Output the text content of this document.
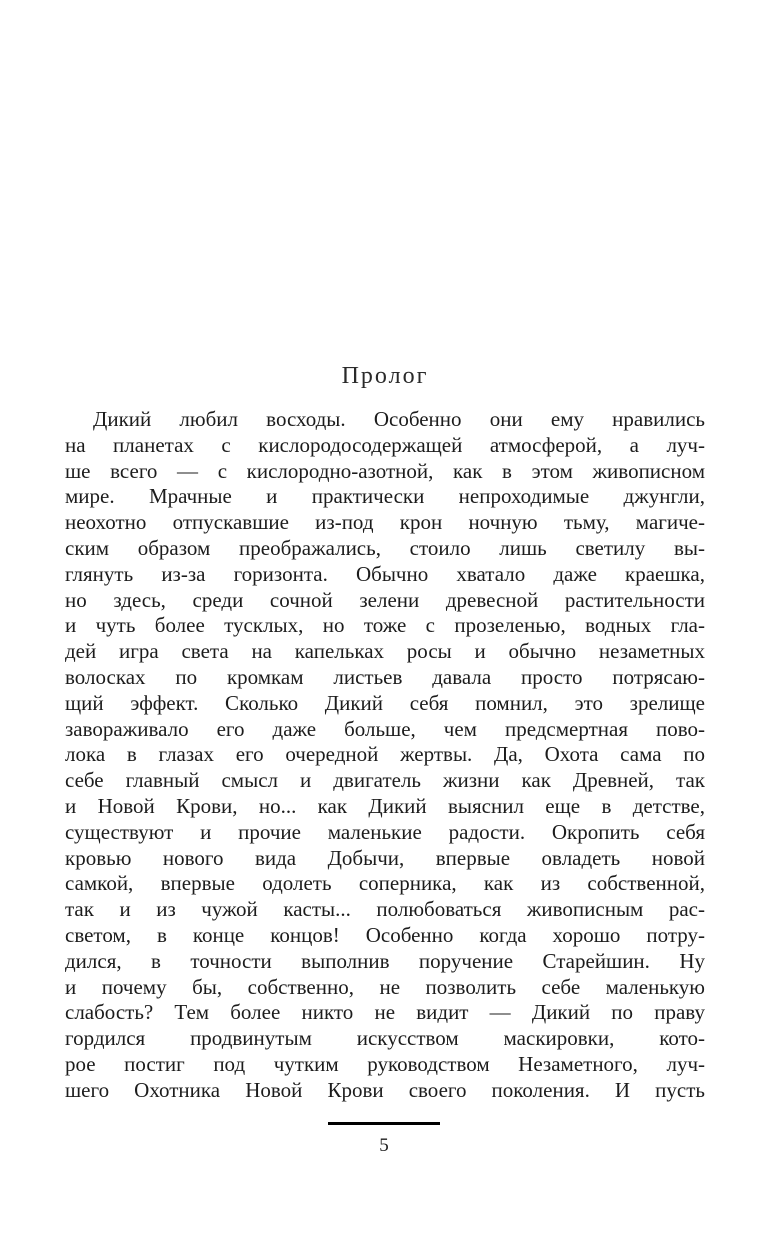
Пролог
Дикий любил восходы. Особенно они ему нравились
на планетах с кислородосодержащей атмосферой, а луч-
ше всего — с кислородно-азотной, как в этом живописном
мире. Мрачные и практически непроходимые джунгли,
неохотно отпускавшие из-под крон ночную тьму, магиче-
ским образом преображались, стоило лишь светилу вы-
глянуть из-за горизонта. Обычно хватало даже краешка,
но здесь, среди сочной зелени древесной растительности
и чуть более тусклых, но тоже с прозеленью, водных гла-
дей игра света на капельках росы и обычно незаметных
волосках по кромкам листьев давала просто потрясаю-
щий эффект. Сколько Дикий себя помнил, это зрелище
завораживало его даже больше, чем предсмертная пово-
лока в глазах его очередной жертвы. Да, Охота сама по
себе главный смысл и двигатель жизни как Древней, так
и Новой Крови, но... как Дикий выяснил еще в детстве,
существуют и прочие маленькие радости. Окропить себя
кровью нового вида Добычи, впервые овладеть новой
самкой, впервые одолеть соперника, как из собственной,
так и из чужой касты... полюбоваться живописным рас-
светом, в конце концов! Особенно когда хорошо потру-
дился, в точности выполнив поручение Старейшин. Ну
и почему бы, собственно, не позволить себе маленькую
слабость? Тем более никто не видит — Дикий по праву
гордился продвинутым искусством маскировки, кото-
рое постиг под чутким руководством Незаметного, луч-
шего Охотника Новой Крови своего поколения. И пусть
5
